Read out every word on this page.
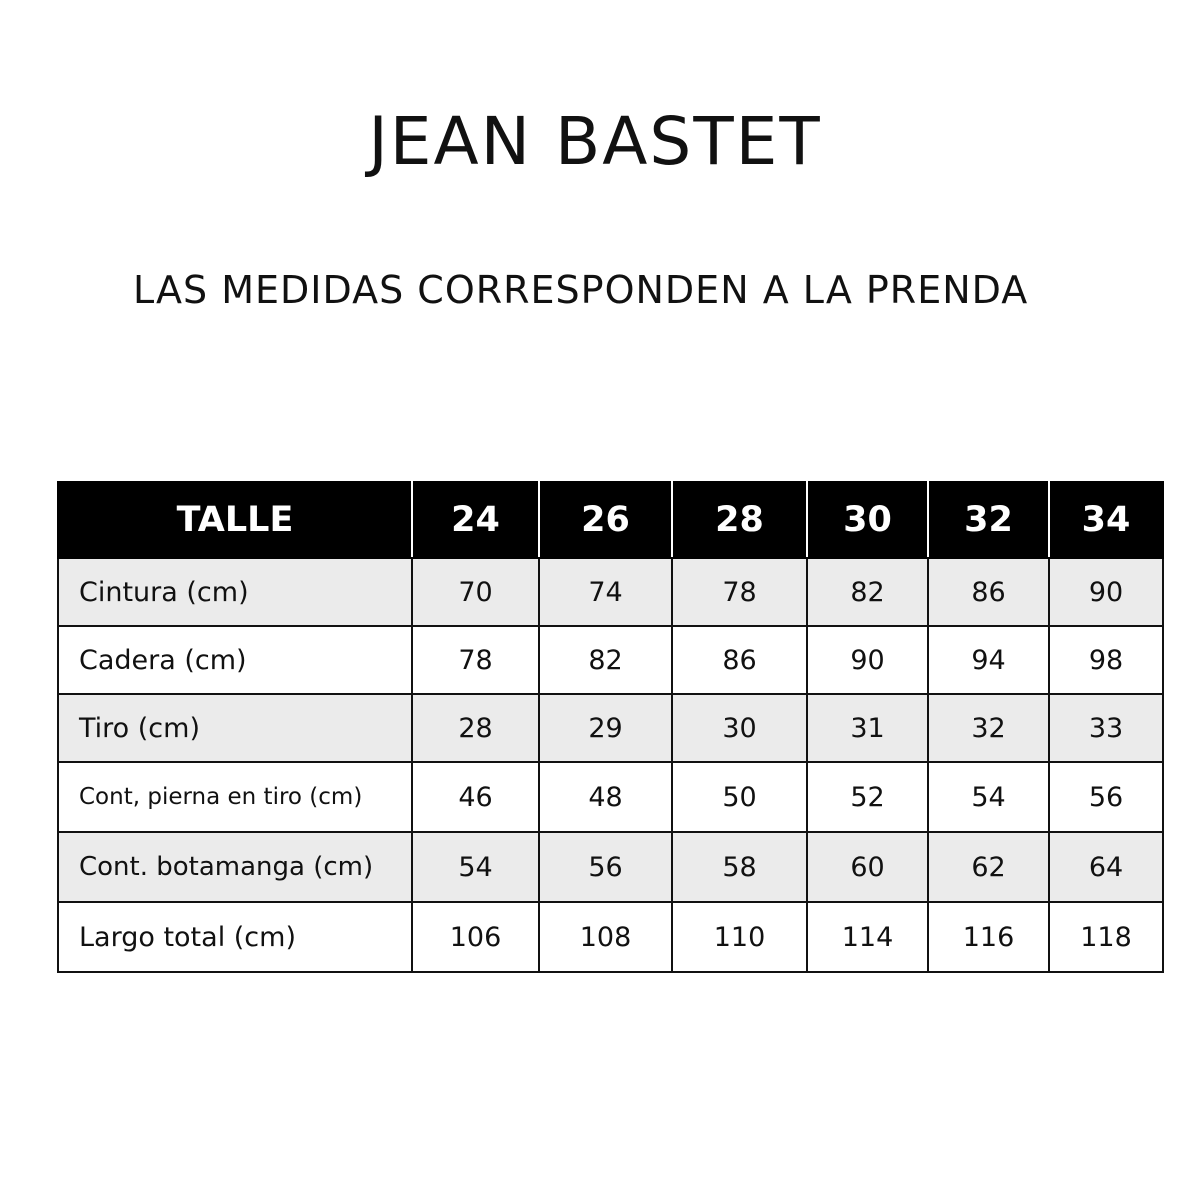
JEAN BASTET

LAS MEDIDAS CORRESPONDEN A LA PRENDA

TALLE	24	26	28	30	32	34
Cintura (cm)	70	74	78	82	86	90
Cadera (cm)	78	82	86	90	94	98
Tiro (cm)	28	29	30	31	32	33
Cont, pierna en tiro (cm)	46	48	50	52	54	56
Cont. botamanga (cm)	54	56	58	60	62	64
Largo total (cm)	106	108	110	114	116	118
